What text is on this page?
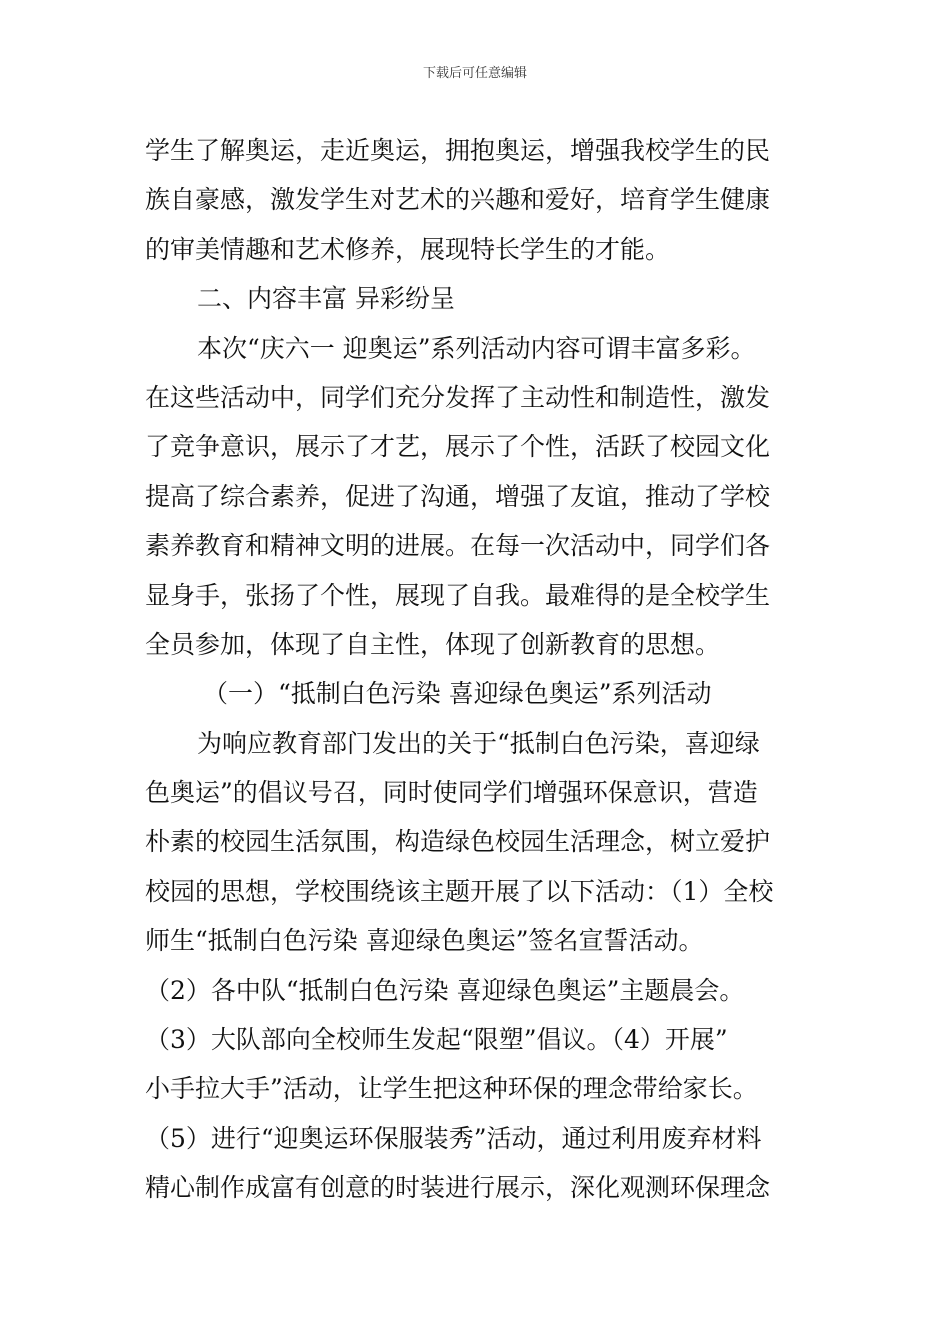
下载后可任意编辑
学生了解奥运，走近奥运，拥抱奥运，增强我校学生的民
族自豪感，激发学生对艺术的兴趣和爱好，培育学生健康
的审美情趣和艺术修养，展现特长学生的才能。
二、内容丰富 异彩纷呈
本次“庆六一 迎奥运”系列活动内容可谓丰富多彩。
在这些活动中，同学们充分发挥了主动性和制造性，激发
了竞争意识，展示了才艺，展示了个性，活跃了校园文化
提高了综合素养，促进了沟通，增强了友谊，推动了学校
素养教育和精神文明的进展。在每一次活动中，同学们各
显身手，张扬了个性，展现了自我。最难得的是全校学生
全员参加，体现了自主性，体现了创新教育的思想。
（一）“抵制白色污染 喜迎绿色奥运”系列活动
为响应教育部门发出的关于“抵制白色污染，喜迎绿
色奥运”的倡议号召，同时使同学们增强环保意识，营造
朴素的校园生活氛围，构造绿色校园生活理念，树立爱护
校园的思想，学校围绕该主题开展了以下活动：（1）全校
师生“抵制白色污染 喜迎绿色奥运”签名宣誓活动。
（2）各中队“抵制白色污染 喜迎绿色奥运”主题晨会。
（3）大队部向全校师生发起“限塑”倡议。（4）开展”
小手拉大手”活动，让学生把这种环保的理念带给家长。
（5）进行“迎奥运环保服装秀”活动，通过利用废弃材料
精心制作成富有创意的时装进行展示，深化观测环保理念
